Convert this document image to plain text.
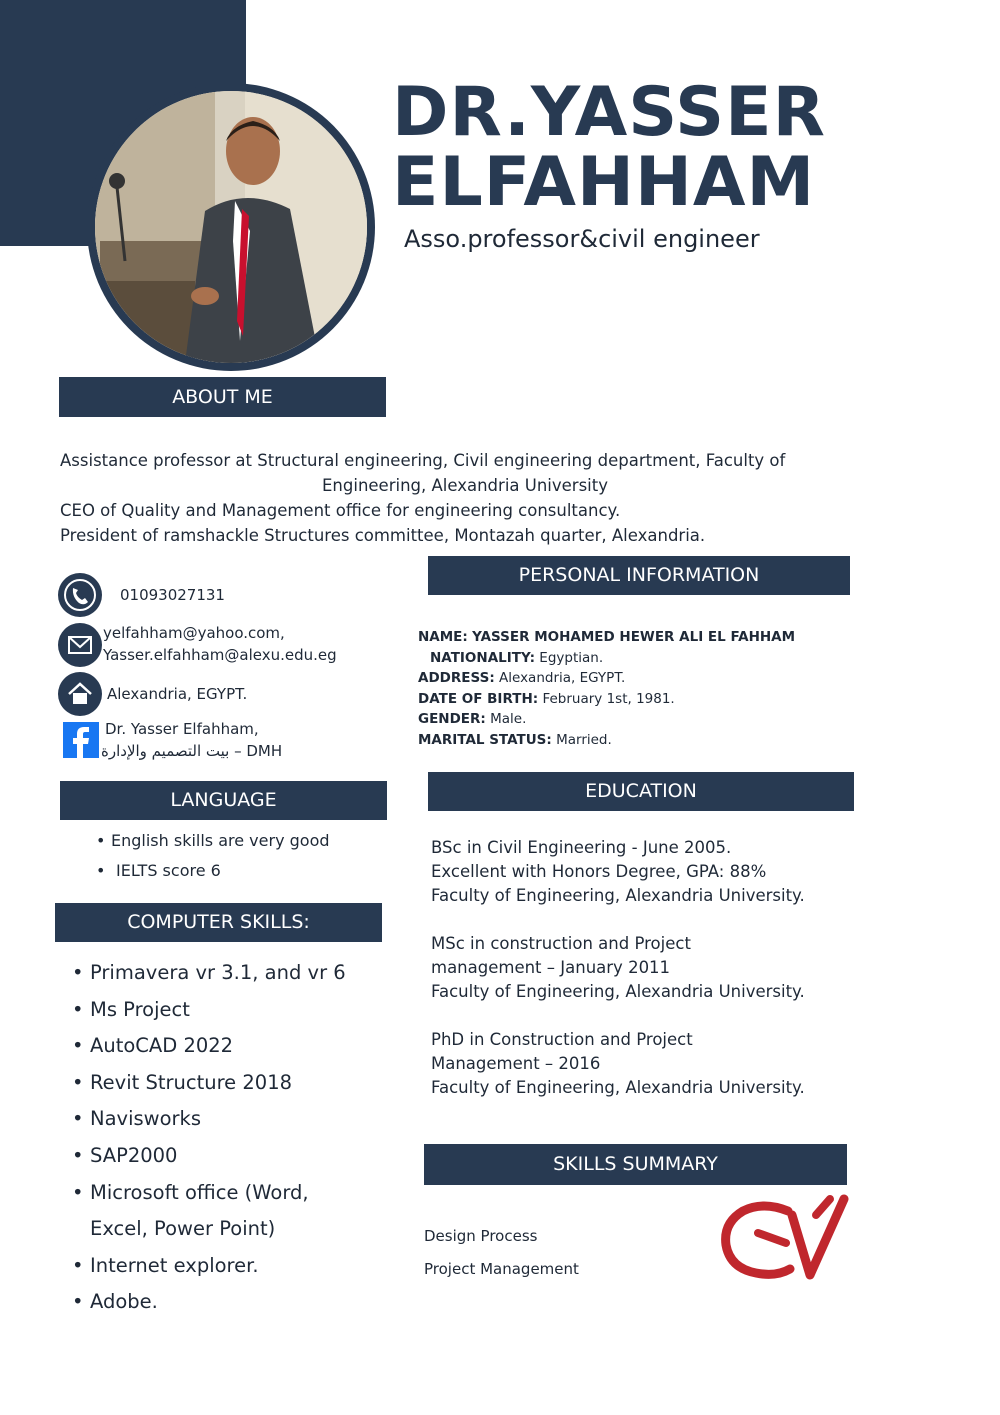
DR.YASSER
ELFAHHAM
Asso.professor&civil engineer
ABOUT ME

Assistance professor at Structural engineering, Civil engineering department, Faculty of

Engineering, Alexandria University

CEO of Quality and Management office for engineering consultancy.

President of ramshackle Structures committee, Montazah quarter, Alexandria.

01093027131
yelfahham@yahoo.com,
Yasser.elfahham@alexu.edu.eg
Alexandria, EGYPT.
Dr. Yasser Elfahham,
بيت التصميم والإدارة – DMH
PERSONAL INFORMATION
NAME: YASSER MOHAMED HEWER ALI EL FAHHAM
NATIONALITY: Egyptian.
ADDRESS: Alexandria, EGYPT.
DATE OF BIRTH: February 1st, 1981.
GENDER: Male.
MARITAL STATUS: Married.
LANGUAGE
• English skills are very good
• IELTS score 6
COMPUTER SKILLS:
• Primavera vr 3.1, and vr 6
• Ms Project
• AutoCAD 2022
• Revit Structure 2018
• Navisworks
• SAP2000
• Microsoft office (Word,
Excel, Power Point)
• Internet explorer.
• Adobe.
EDUCATION
BSc in Civil Engineering - June 2005.
Excellent with Honors Degree, GPA: 88%
Faculty of Engineering, Alexandria University.
MSc in construction and Project
management – January 2011
Faculty of Engineering, Alexandria University.
PhD in Construction and Project
Management – 2016
Faculty of Engineering, Alexandria University.
SKILLS SUMMARY
Design Process
Project Management
